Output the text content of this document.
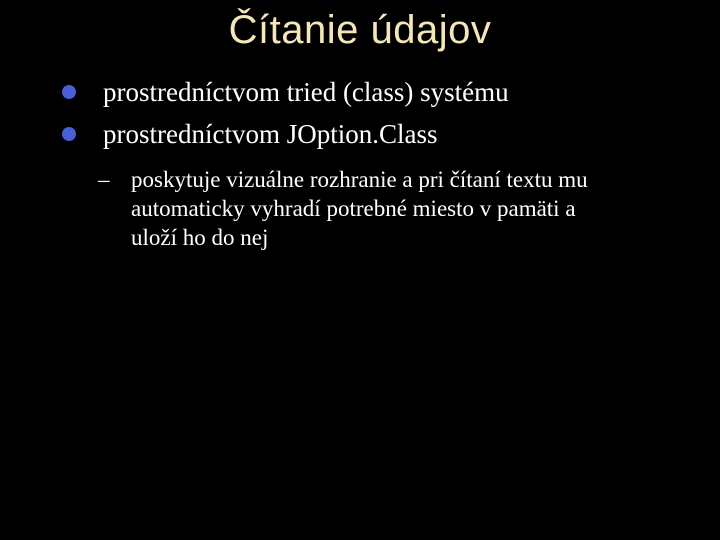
Čítanie údajov
prostredníctvom tried (class) systému
prostredníctvom JOption.Class
– poskytuje vizuálne rozhranie a pri čítaní textu mu
automaticky vyhradí potrebné miesto v pamäti a
uloží ho do nej
